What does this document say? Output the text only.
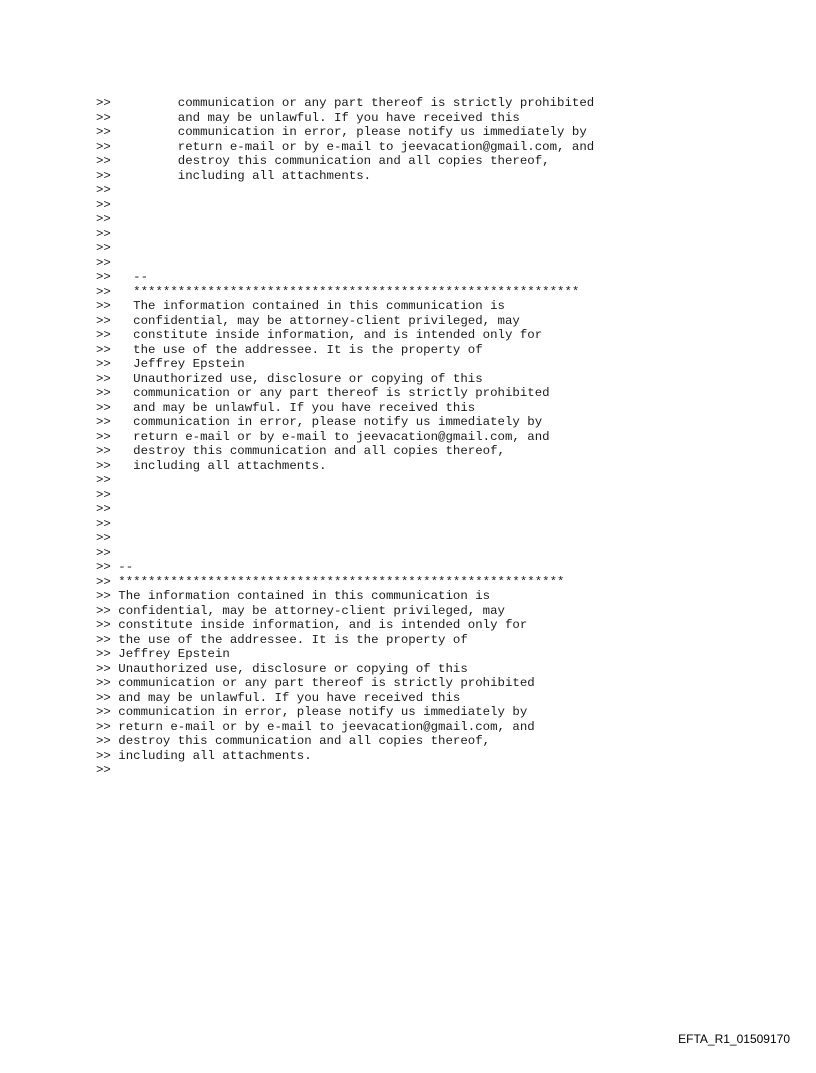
>>         communication or any part thereof is strictly prohibited
>>         and may be unlawful. If you have received this
>>         communication in error, please notify us immediately by
>>         return e-mail or by e-mail to jeevacation@gmail.com, and
>>         destroy this communication and all copies thereof,
>>         including all attachments.
>>
>>
>>
>>
>>
>>
>>   --
>>   ************************************************************
>>   The information contained in this communication is
>>   confidential, may be attorney-client privileged, may
>>   constitute inside information, and is intended only for
>>   the use of the addressee. It is the property of
>>   Jeffrey Epstein
>>   Unauthorized use, disclosure or copying of this
>>   communication or any part thereof is strictly prohibited
>>   and may be unlawful. If you have received this
>>   communication in error, please notify us immediately by
>>   return e-mail or by e-mail to jeevacation@gmail.com, and
>>   destroy this communication and all copies thereof,
>>   including all attachments.
>>
>>
>>
>>
>>
>>
>> --
>> ************************************************************
>> The information contained in this communication is
>> confidential, may be attorney-client privileged, may
>> constitute inside information, and is intended only for
>> the use of the addressee. It is the property of
>> Jeffrey Epstein
>> Unauthorized use, disclosure or copying of this
>> communication or any part thereof is strictly prohibited
>> and may be unlawful. If you have received this
>> communication in error, please notify us immediately by
>> return e-mail or by e-mail to jeevacation@gmail.com, and
>> destroy this communication and all copies thereof,
>> including all attachments.
>>
EFTA_R1_01509170
